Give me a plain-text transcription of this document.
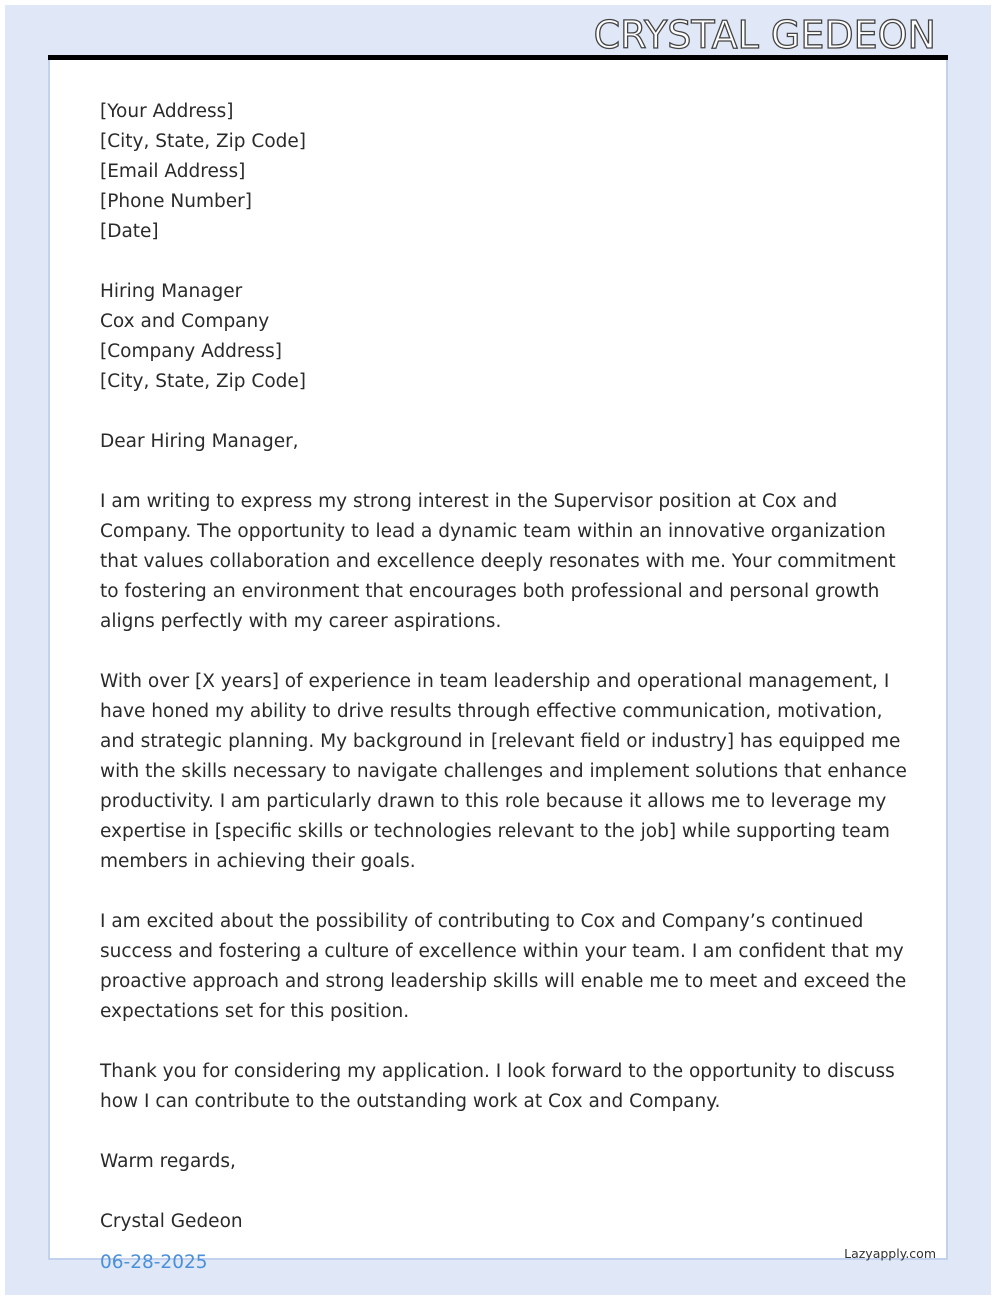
CRYSTAL GEDEON

[Your Address]
[City, State, Zip Code]
[Email Address]
[Phone Number]
[Date]

Hiring Manager
Cox and Company
[Company Address]
[City, State, Zip Code]

Dear Hiring Manager,

I am writing to express my strong interest in the Supervisor position at Cox and Company. The opportunity to lead a dynamic team within an innovative organization that values collaboration and excellence deeply resonates with me. Your commitment to fostering an environment that encourages both professional and personal growth aligns perfectly with my career aspirations.

With over [X years] of experience in team leadership and operational management, I have honed my ability to drive results through effective communication, motivation, and strategic planning. My background in [relevant field or industry] has equipped me with the skills necessary to navigate challenges and implement solutions that enhance productivity. I am particularly drawn to this role because it allows me to leverage my expertise in [specific skills or technologies relevant to the job] while supporting team members in achieving their goals.

I am excited about the possibility of contributing to Cox and Company’s continued success and fostering a culture of excellence within your team. I am confident that my proactive approach and strong leadership skills will enable me to meet and exceed the expectations set for this position.

Thank you for considering my application. I look forward to the opportunity to discuss how I can contribute to the outstanding work at Cox and Company.

Warm regards,

Crystal Gedeon

06-28-2025	Lazyapply.com
